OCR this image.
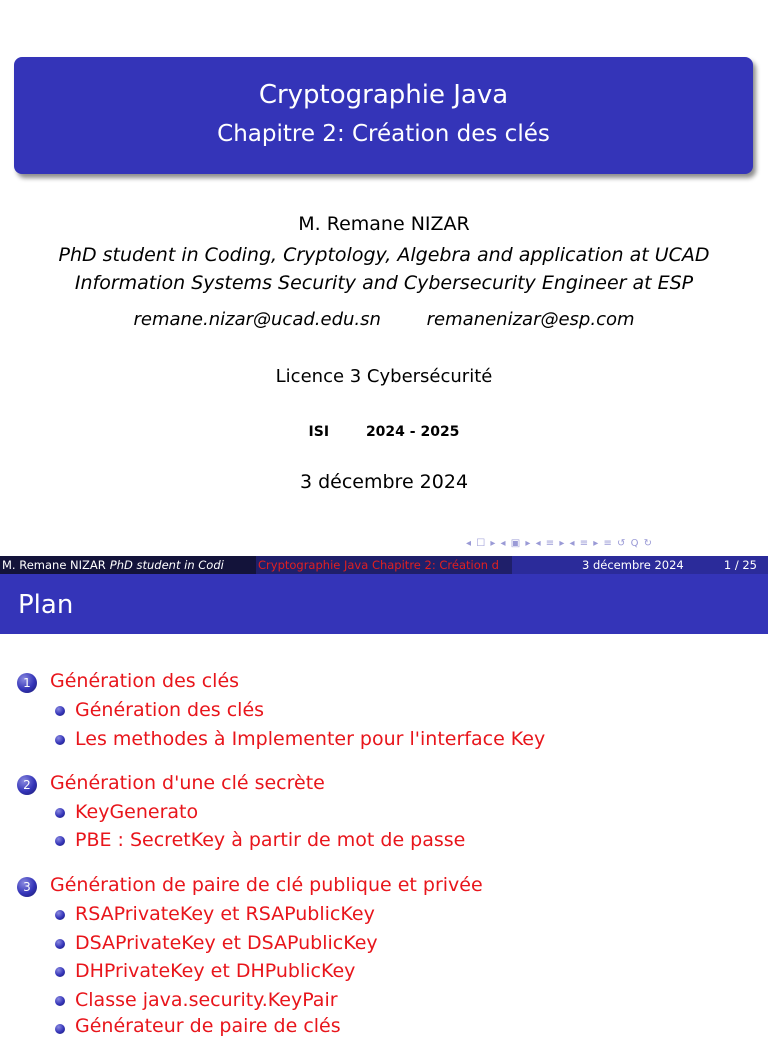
Cryptographie Java
Chapitre 2: Création des clés
M. Remane NIZAR
PhD student in Coding, Cryptology, Algebra and application at UCAD
Information Systems Security and Cybersecurity Engineer at ESP
remane.nizar@ucad.edu.sn	remanenizar@esp.com
Licence 3 Cybersécurité
ISI	2024 - 2025
3 décembre 2024
◂ ☐ ▸ ◂ ▣ ▸ ◂ ≡ ▸ ◂ ≡ ▸ ≡ ↺ Q ↻
M. Remane NIZAR PhD student in Codi	Cryptographie Java Chapitre 2: Création d	3 décembre 2024	1 / 25
Plan
1	Génération des clés
Génération des clés
Les methodes à Implementer pour l'interface Key
2	Génération d'une clé secrète
KeyGenerato
PBE : SecretKey à partir de mot de passe
3	Génération de paire de clé publique et privée
RSAPrivateKey et RSAPublicKey
DSAPrivateKey et DSAPublicKey
DHPrivateKey et DHPublicKey
Classe java.security.KeyPair
Générateur de paire de clés
